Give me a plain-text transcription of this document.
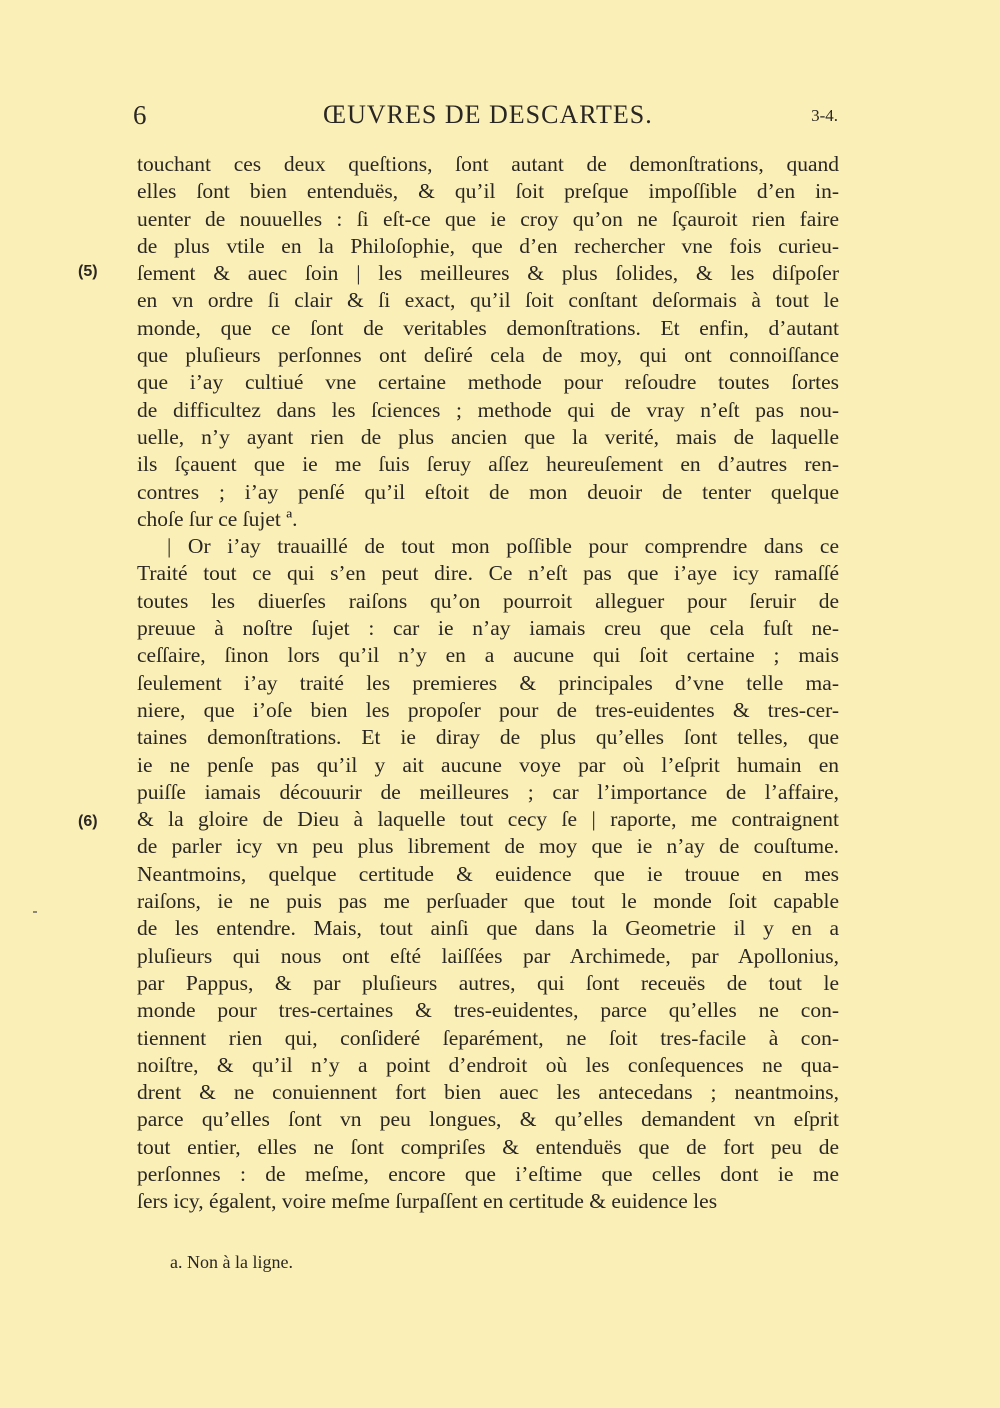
6	ŒUVRES DE DESCARTES.	3-4.
(5)
(6)
touchant ces deux queſtions, ſont autant de demonſtrations, quand
elles ſont bien entenduës, & qu’il ſoit preſque impoſſible d’en in-
uenter de nouuelles : ſi eſt-ce que ie croy qu’on ne ſçauroit rien faire
de plus vtile en la Philoſophie, que d’en rechercher vne fois curieu-
ſement & auec ſoin | les meilleures & plus ſolides, & les diſpoſer
en vn ordre ſi clair & ſi exact, qu’il ſoit conſtant deſormais à tout le
monde, que ce ſont de veritables demonſtrations. Et enfin, d’autant
que pluſieurs perſonnes ont deſiré cela de moy, qui ont connoiſſance
que i’ay cultiué vne certaine methode pour reſoudre toutes ſortes
de difficultez dans les ſciences ; methode qui de vray n’eſt pas nou-
uelle, n’y ayant rien de plus ancien que la verité, mais de laquelle
ils ſçauent que ie me ſuis ſeruy aſſez heureuſement en d’autres ren-
contres ; i’ay penſé qu’il eſtoit de mon deuoir de tenter quelque
choſe ſur ce ſujet ª.
| Or i’ay trauaillé de tout mon poſſible pour comprendre dans ce
Traité tout ce qui s’en peut dire. Ce n’eſt pas que i’aye icy ramaſſé
toutes les diuerſes raiſons qu’on pourroit alleguer pour ſeruir de
preuue à noſtre ſujet : car ie n’ay iamais creu que cela fuſt ne-
ceſſaire, ſinon lors qu’il n’y en a aucune qui ſoit certaine ; mais
ſeulement i’ay traité les premieres & principales d’vne telle ma-
niere, que i’oſe bien les propoſer pour de tres-euidentes & tres-cer-
taines demonſtrations. Et ie diray de plus qu’elles ſont telles, que
ie ne penſe pas qu’il y ait aucune voye par où l’eſprit humain en
puiſſe iamais découurir de meilleures ; car l’importance de l’affaire,
& la gloire de Dieu à laquelle tout cecy ſe | raporte, me contraignent
de parler icy vn peu plus librement de moy que ie n’ay de couſtume.
Neantmoins, quelque certitude & euidence que ie trouue en mes
raiſons, ie ne puis pas me perſuader que tout le monde ſoit capable
de les entendre. Mais, tout ainſi que dans la Geometrie il y en a
pluſieurs qui nous ont eſté laiſſées par Archimede, par Apollonius,
par Pappus, & par pluſieurs autres, qui ſont receuës de tout le
monde pour tres-certaines & tres-euidentes, parce qu’elles ne con-
tiennent rien qui, conſideré ſeparément, ne ſoit tres-facile à con-
noiſtre, & qu’il n’y a point d’endroit où les conſequences ne qua-
drent & ne conuiennent fort bien auec les antecedans ; neantmoins,
parce qu’elles ſont vn peu longues, & qu’elles demandent vn eſprit
tout entier, elles ne ſont compriſes & entenduës que de fort peu de
perſonnes : de meſme, encore que i’eſtime que celles dont ie me
ſers icy, égalent, voire meſme ſurpaſſent en certitude & euidence les
a. Non à la ligne.
